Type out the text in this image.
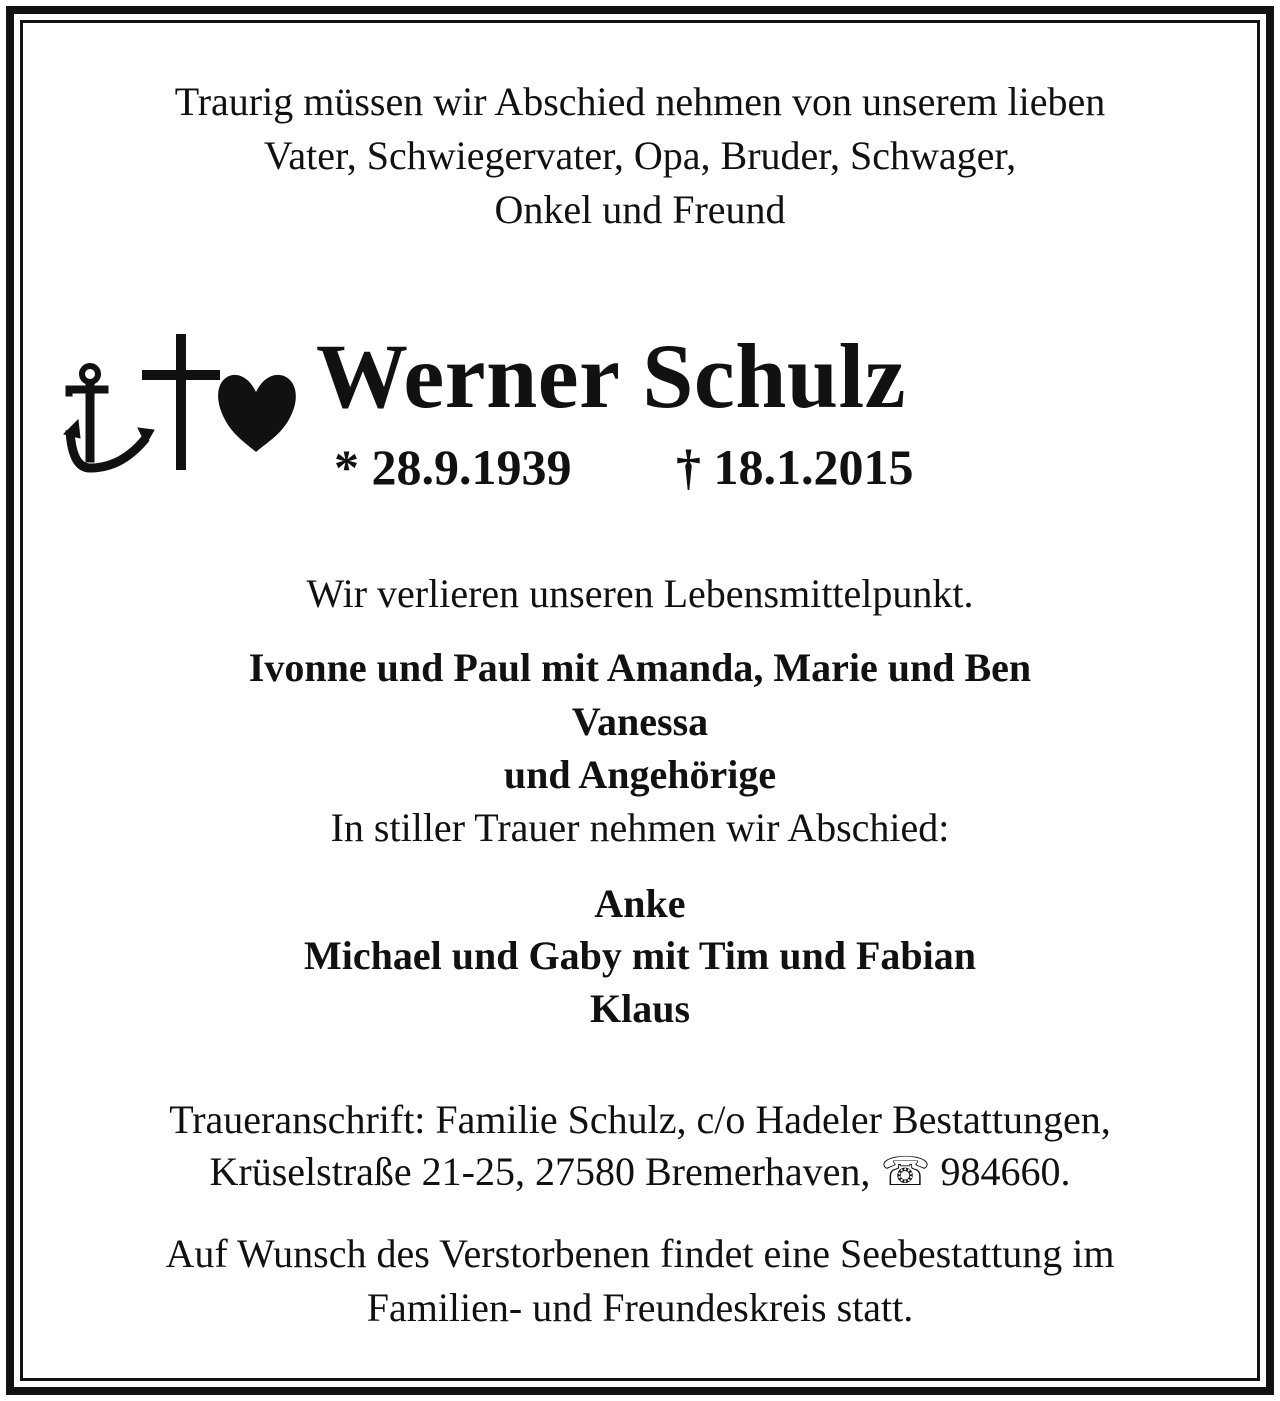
Traurig müssen wir Abschied nehmen von unserem lieben
Vater, Schwiegervater, Opa, Bruder, Schwager,
Onkel und Freund
Werner Schulz
* 28.9.1939 † 18.1.2015
Wir verlieren unseren Lebensmittelpunkt.
Ivonne und Paul mit Amanda, Marie und Ben
Vanessa
und Angehörige
In stiller Trauer nehmen wir Abschied:
Anke
Michael und Gaby mit Tim und Fabian
Klaus
Traueranschrift: Familie Schulz, c/o Hadeler Bestattungen,
Krüselstraße 21-25, 27580 Bremerhaven, ☏ 984660.
Auf Wunsch des Verstorbenen findet eine Seebestattung im
Familien- und Freundeskreis statt.
